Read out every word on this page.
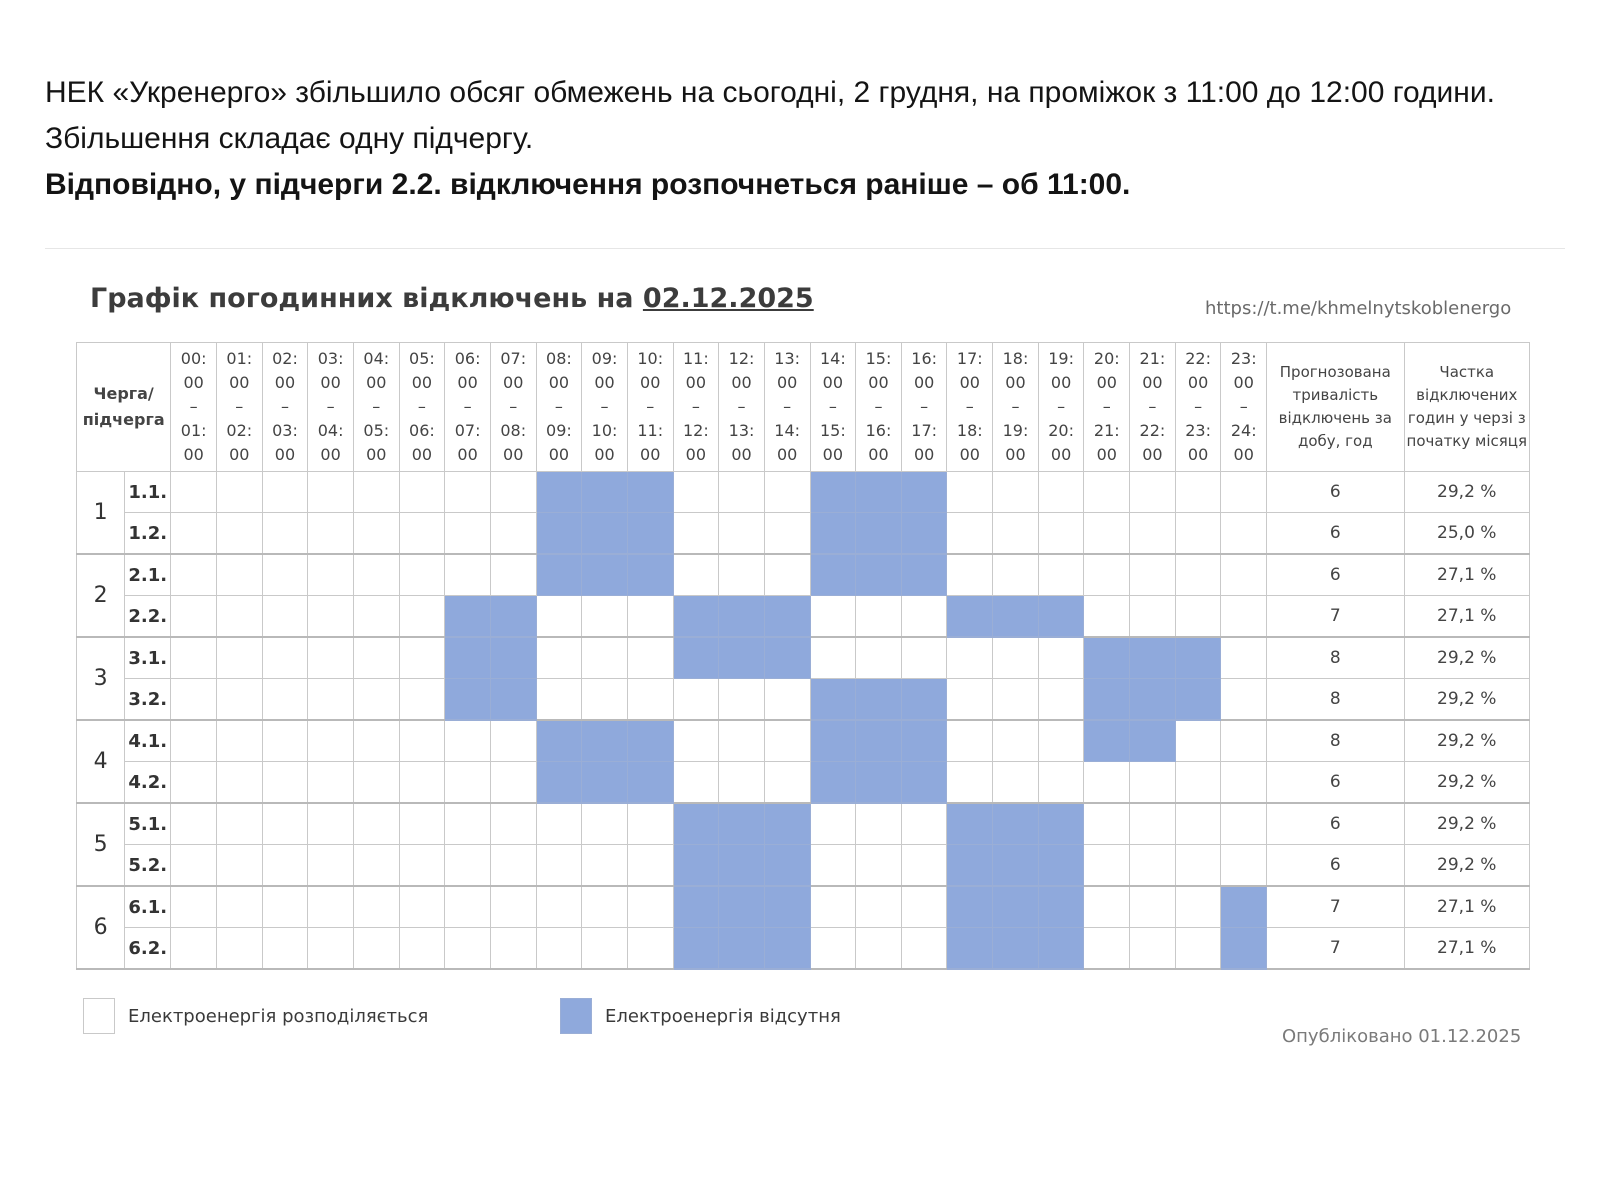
НЕК «Укренерго» збільшило обсяг обмежень на сьогодні, 2 грудня, на проміжок з 11:00 до 12:00 години. Збільшення складає одну підчергу.

Відповідно, у підчерги 2.2. відключення розпочнеться раніше – об 11:00.

Графік погодинних відключень на 02.12.2025	https://t.me/khmelnytskoblenergo
Черга/ підчерга		00:
00
–
01:
00	01:
00
–
02:
00	02:
00
–
03:
00	03:
00
–
04:
00	04:
00
–
05:
00	05:
00
–
06:
00	06:
00
–
07:
00	07:
00
–
08:
00	08:
00
–
09:
00	09:
00
–
10:
00	10:
00
–
11:
00	11:
00
–
12:
00	12:
00
–
13:
00	13:
00
–
14:
00	14:
00
–
15:
00	15:
00
–
16:
00	16:
00
–
17:
00	17:
00
–
18:
00	18:
00
–
19:
00	19:
00
–
20:
00	20:
00
–
21:
00	21:
00
–
22:
00	22:
00
–
23:
00	23:
00
–
24:
00	Прогнозована тривалість відключень за добу, год	Частка відключених годин у черзі з початку місяця
1	1.1.																									6	29,2 %
	1.2.																									6	25,0 %
2	2.1.																									6	27,1 %
	2.2.																									7	27,1 %
3	3.1.																									8	29,2 %
	3.2.																									8	29,2 %
4	4.1.																									8	29,2 %
	4.2.																									6	29,2 %
5	5.1.																									6	29,2 %
	5.2.																									6	29,2 %
6	6.1.																									7	27,1 %
	6.2.																									7	27,1 %
Електроенергія розподіляється	Електроенергія відсутня
Опубліковано 01.12.2025
